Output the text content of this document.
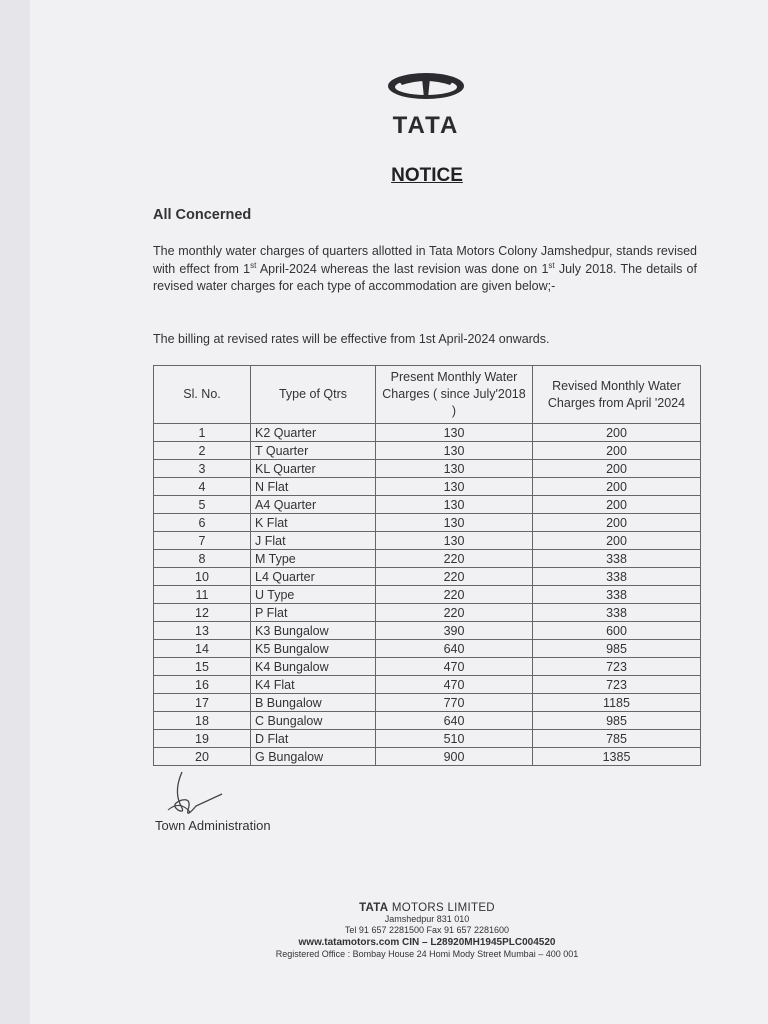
TATA
NOTICE
All Concerned
The monthly water charges of quarters allotted in Tata Motors Colony Jamshedpur, stands revised with effect from 1st April-2024 whereas the last revision was done on 1st July 2018. The details of revised water charges for each type of accommodation are given below;-
The billing at revised rates will be effective from 1st April-2024 onwards.
Sl. No.	Type of Qtrs	Present Monthly Water Charges ( since July'2018 )	Revised Monthly Water Charges from April '2024
1	K2 Quarter	130	200
2	T Quarter	130	200
3	KL Quarter	130	200
4	N Flat	130	200
5	A4 Quarter	130	200
6	K Flat	130	200
7	J Flat	130	200
8	M Type	220	338
10	L4 Quarter	220	338
11	U Type	220	338
12	P Flat	220	338
13	K3 Bungalow	390	600
14	K5 Bungalow	640	985
15	K4 Bungalow	470	723
16	K4 Flat	470	723
17	B Bungalow	770	1185
18	C Bungalow	640	985
19	D Flat	510	785
20	G Bungalow	900	1385
Town Administration
TATA MOTORS LIMITED
Jamshedpur 831 010
Tel 91 657 2281500 Fax 91 657 2281600
www.tatamotors.com CIN – L28920MH1945PLC004520
Registered Office : Bombay House 24 Homi Mody Street Mumbai – 400 001
